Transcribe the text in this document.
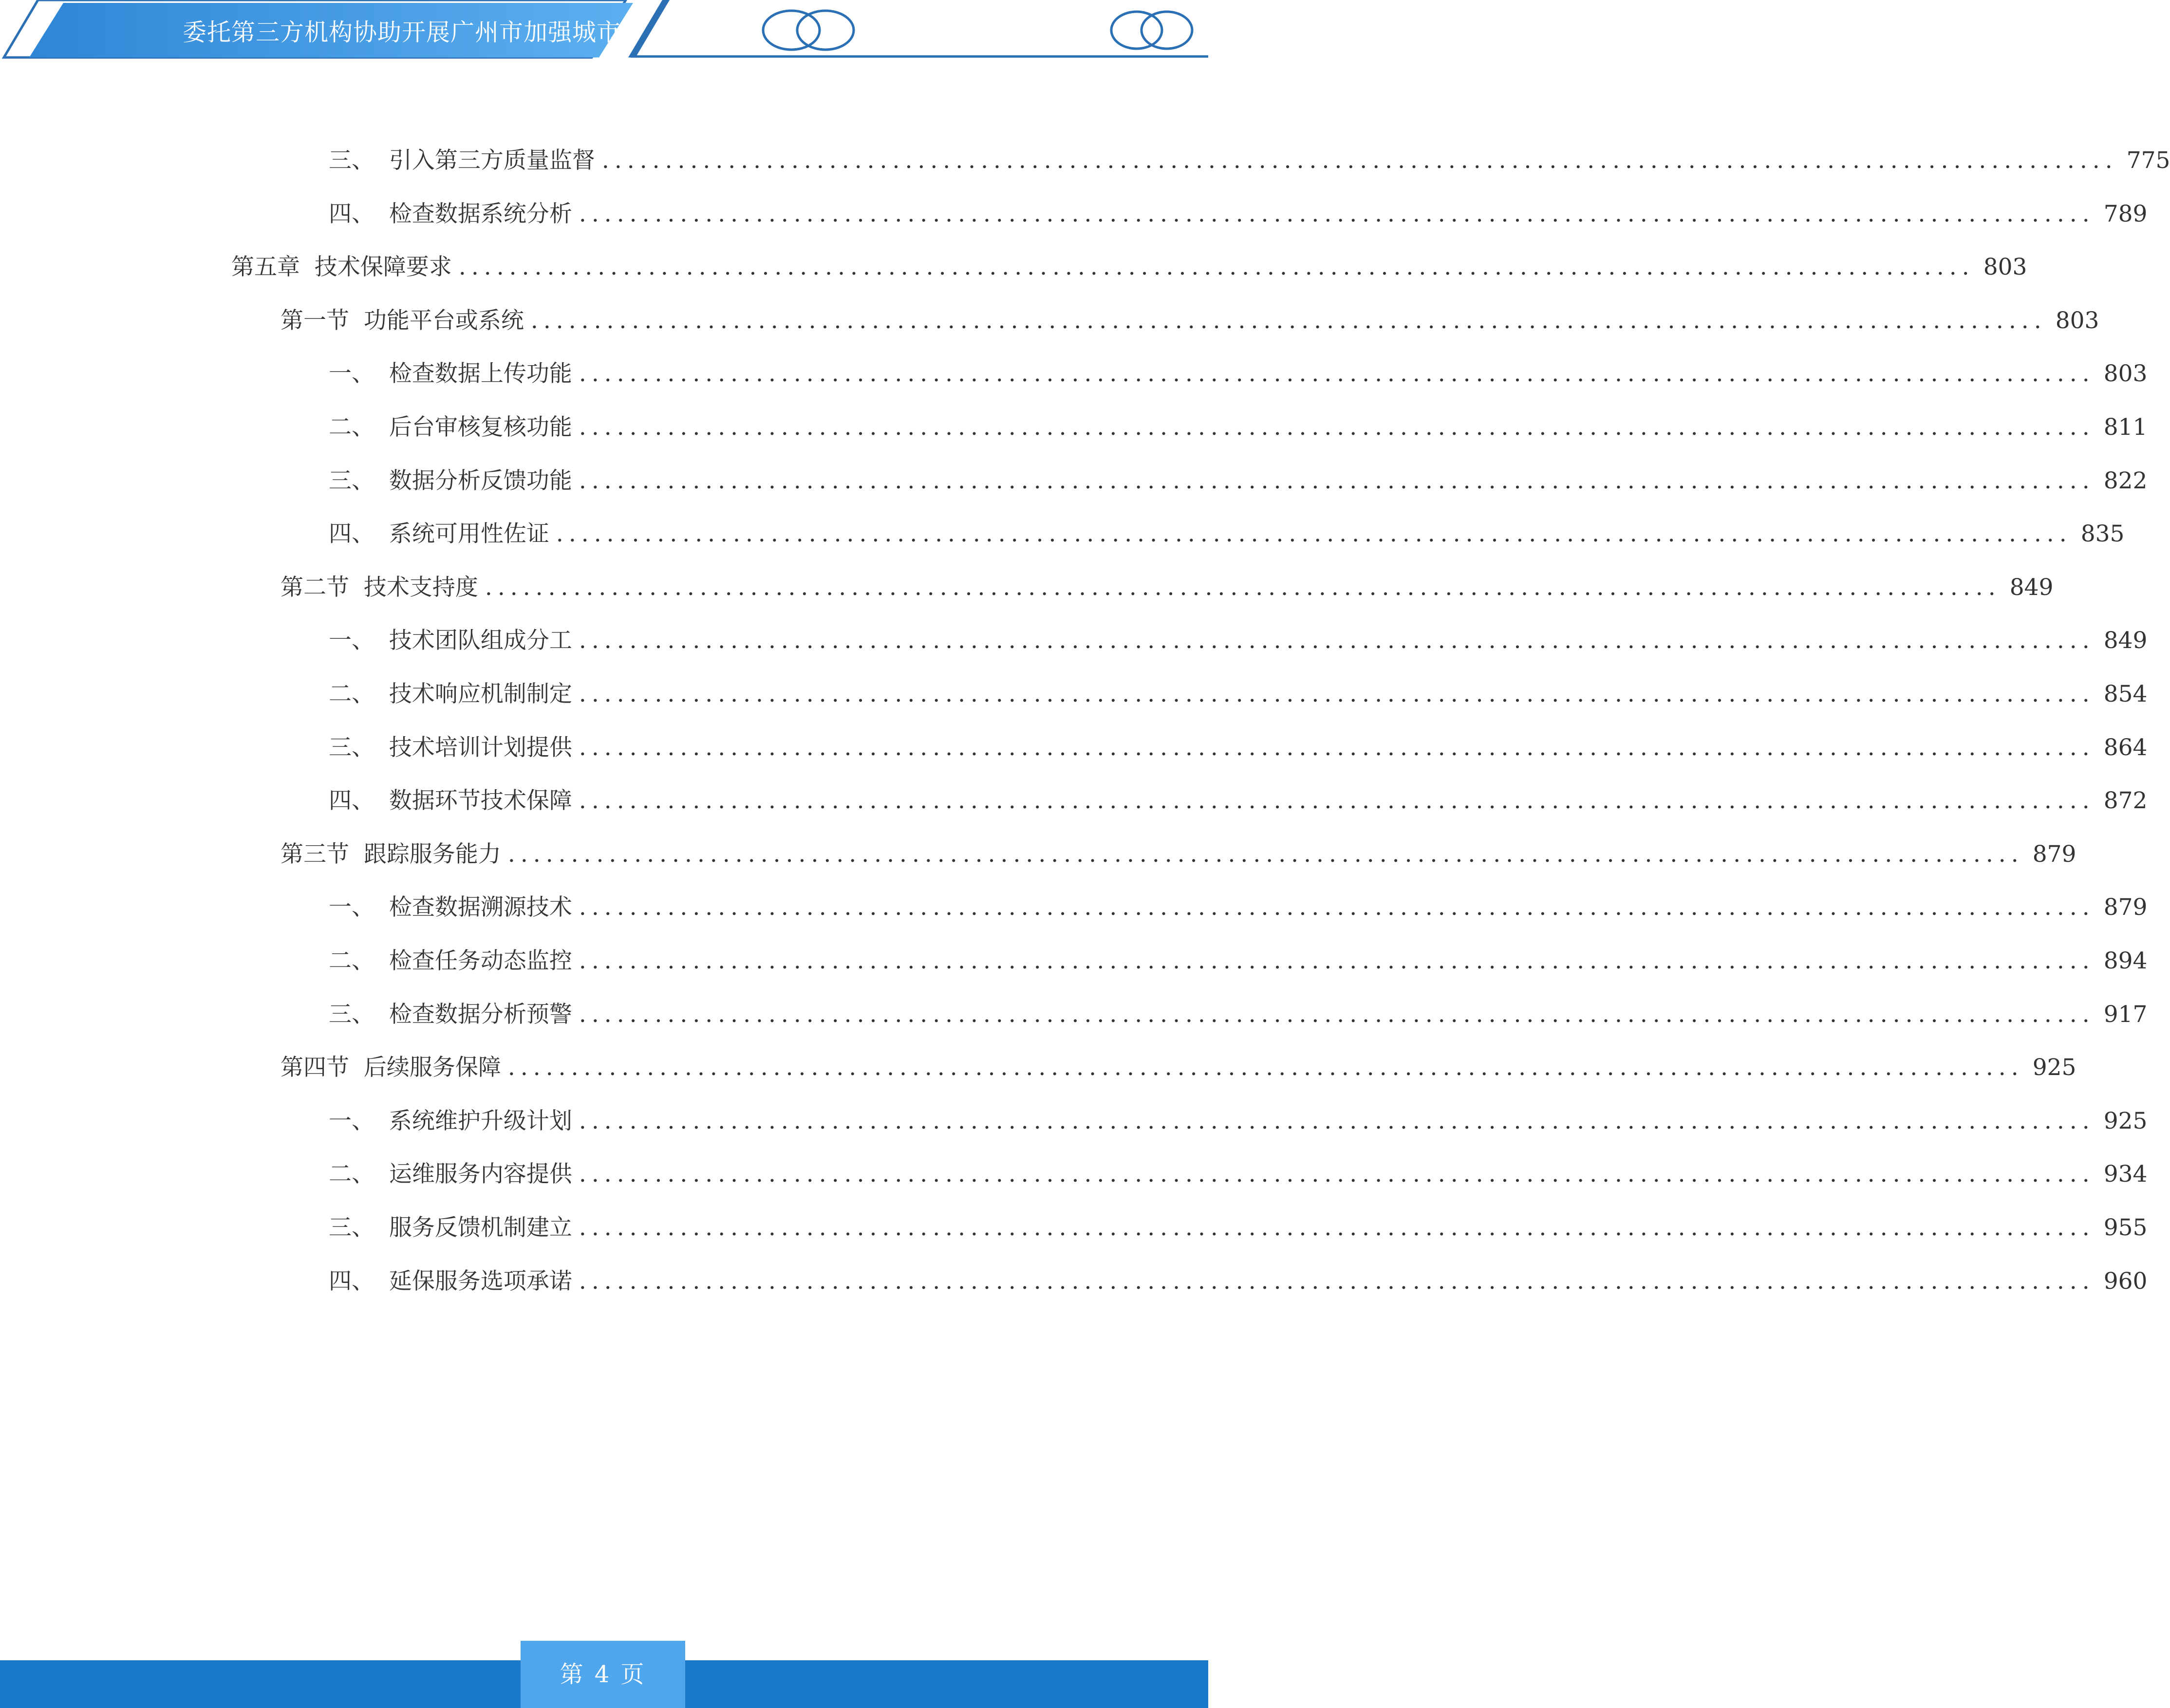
委托第三方机构协助开展广州市加强城市
三、  引入第三方质量监督 ........................................................................................................................ 775
四、  检查数据系统分析 ........................................................................................................................ 789
第五章  技术保障要求 ........................................................................................................................ 803
第一节  功能平台或系统 ........................................................................................................................ 803
一、  检查数据上传功能 ........................................................................................................................ 803
二、  后台审核复核功能 ........................................................................................................................ 811
三、  数据分析反馈功能 ........................................................................................................................ 822
四、  系统可用性佐证 ........................................................................................................................ 835
第二节  技术支持度 ........................................................................................................................ 849
一、  技术团队组成分工 ........................................................................................................................ 849
二、  技术响应机制制定 ........................................................................................................................ 854
三、  技术培训计划提供 ........................................................................................................................ 864
四、  数据环节技术保障 ........................................................................................................................ 872
第三节  跟踪服务能力 ........................................................................................................................ 879
一、  检查数据溯源技术 ........................................................................................................................ 879
二、  检查任务动态监控 ........................................................................................................................ 894
三、  检查数据分析预警 ........................................................................................................................ 917
第四节  后续服务保障 ........................................................................................................................ 925
一、  系统维护升级计划 ........................................................................................................................ 925
二、  运维服务内容提供 ........................................................................................................................ 934
三、  服务反馈机制建立 ........................................................................................................................ 955
四、  延保服务选项承诺 ........................................................................................................................ 960
第 4 页
